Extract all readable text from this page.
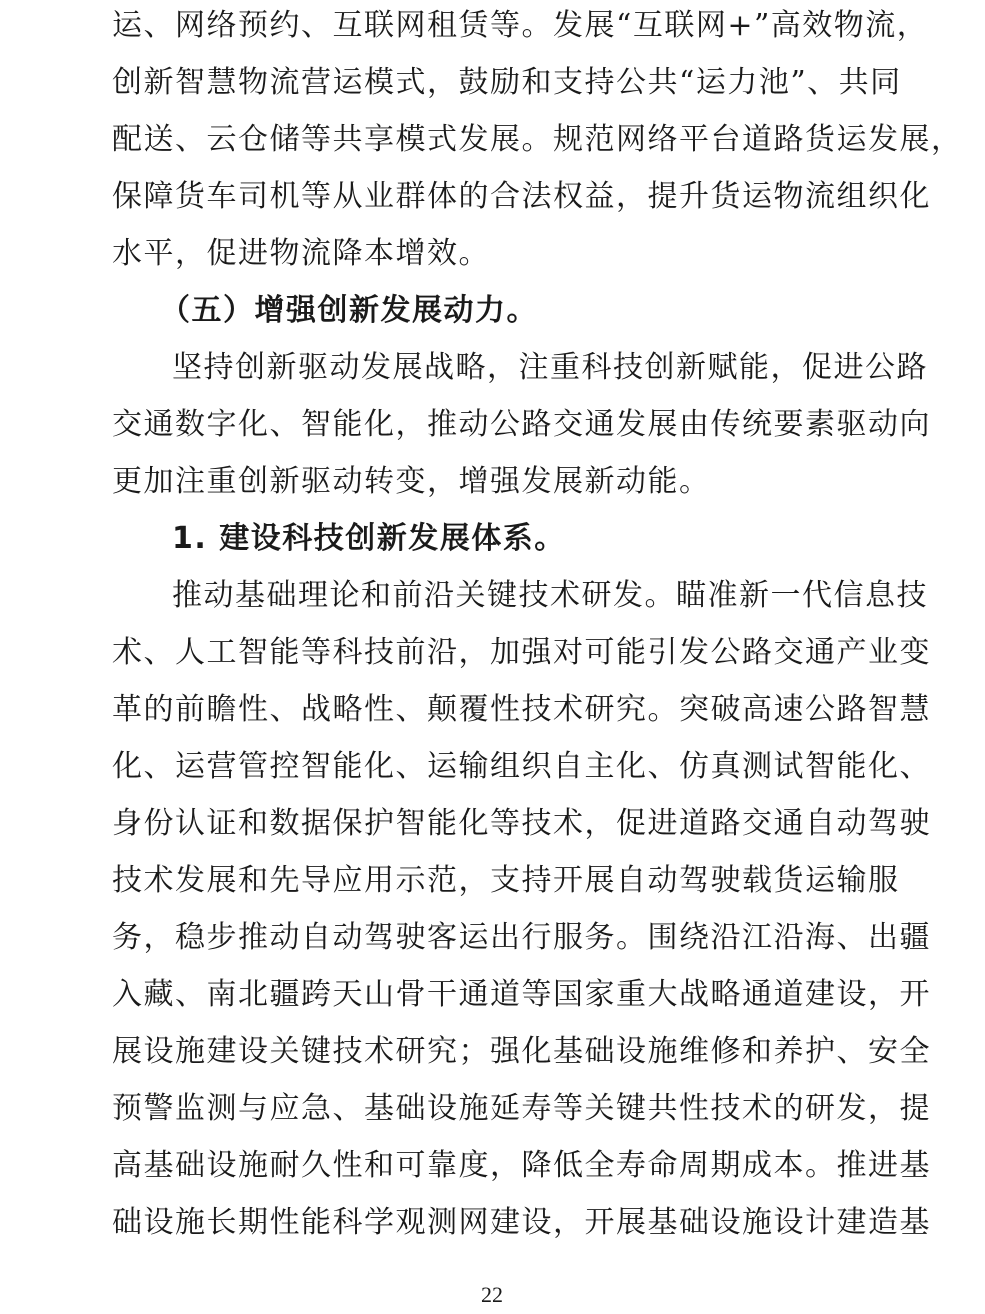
运、网络预约、互联网租赁等。发展“互联网+”高效物流，
创新智慧物流营运模式，鼓励和支持公共“运力池”、共同
配送、云仓储等共享模式发展。规范网络平台道路货运发展，
保障货车司机等从业群体的合法权益，提升货运物流组织化
水平，促进物流降本增效。
（五）增强创新发展动力。
坚持创新驱动发展战略，注重科技创新赋能，促进公路
交通数字化、智能化，推动公路交通发展由传统要素驱动向
更加注重创新驱动转变，增强发展新动能。
1. 建设科技创新发展体系。
推动基础理论和前沿关键技术研发。瞄准新一代信息技
术、人工智能等科技前沿，加强对可能引发公路交通产业变
革的前瞻性、战略性、颠覆性技术研究。突破高速公路智慧
化、运营管控智能化、运输组织自主化、仿真测试智能化、
身份认证和数据保护智能化等技术，促进道路交通自动驾驶
技术发展和先导应用示范，支持开展自动驾驶载货运输服
务，稳步推动自动驾驶客运出行服务。围绕沿江沿海、出疆
入藏、南北疆跨天山骨干通道等国家重大战略通道建设，开
展设施建设关键技术研究；强化基础设施维修和养护、安全
预警监测与应急、基础设施延寿等关键共性技术的研发，提
高基础设施耐久性和可靠度，降低全寿命周期成本。推进基
础设施长期性能科学观测网建设，开展基础设施设计建造基
22
